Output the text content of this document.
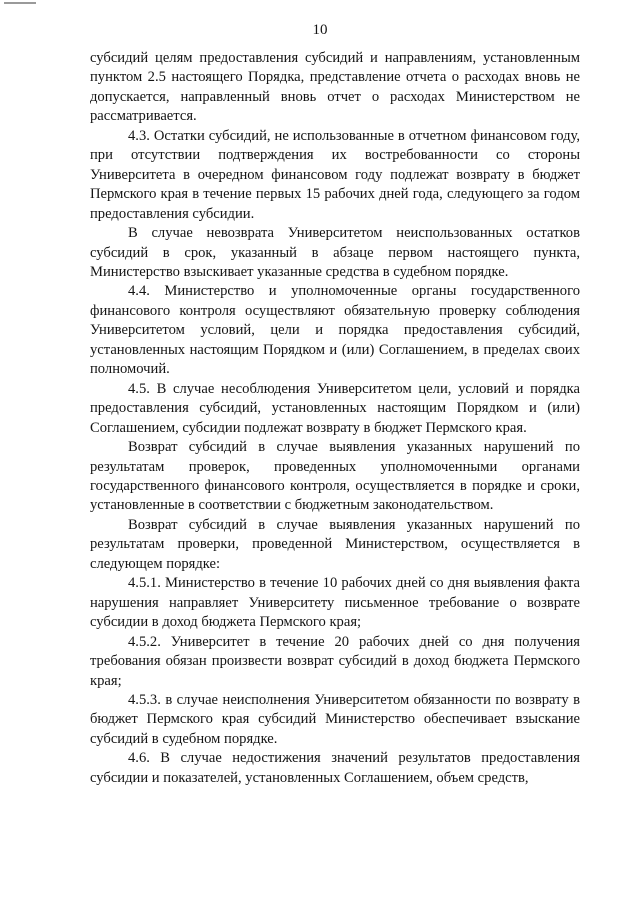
10

субсидий целям предоставления субсидий и направлениям, установленным пунктом 2.5 настоящего Порядка, представление отчета о расходах вновь не допускается, направленный вновь отчет о расходах Министерством не рассматривается.

4.3. Остатки субсидий, не использованные в отчетном финансовом году, при отсутствии подтверждения их востребованности со стороны Университета в очередном финансовом году подлежат возврату в бюджет Пермского края в течение первых 15 рабочих дней года, следующего за годом предоставления субсидии.

В случае невозврата Университетом неиспользованных остатков субсидий в срок, указанный в абзаце первом настоящего пункта, Министерство взыскивает указанные средства в судебном порядке.

4.4. Министерство и уполномоченные органы государственного финансового контроля осуществляют обязательную проверку соблюдения Университетом условий, цели и порядка предоставления субсидий, установленных настоящим Порядком и (или) Соглашением, в пределах своих полномочий.

4.5. В случае несоблюдения Университетом цели, условий и порядка предоставления субсидий, установленных настоящим Порядком и (или) Соглашением, субсидии подлежат возврату в бюджет Пермского края.

Возврат субсидий в случае выявления указанных нарушений по результатам проверок, проведенных уполномоченными органами государственного финансового контроля, осуществляется в порядке и сроки, установленные в соответствии с бюджетным законодательством.

Возврат субсидий в случае выявления указанных нарушений по результатам проверки, проведенной Министерством, осуществляется в следующем порядке:

4.5.1. Министерство в течение 10 рабочих дней со дня выявления факта нарушения направляет Университету письменное требование о возврате субсидии в доход бюджета Пермского края;

4.5.2. Университет в течение 20 рабочих дней со дня получения требования обязан произвести возврат субсидий в доход бюджета Пермского края;

4.5.3. в случае неисполнения Университетом обязанности по возврату в бюджет Пермского края субсидий Министерство обеспечивает взыскание субсидий в судебном порядке.

4.6. В случае недостижения значений результатов предоставления субсидии и показателей, установленных Соглашением, объем средств,
